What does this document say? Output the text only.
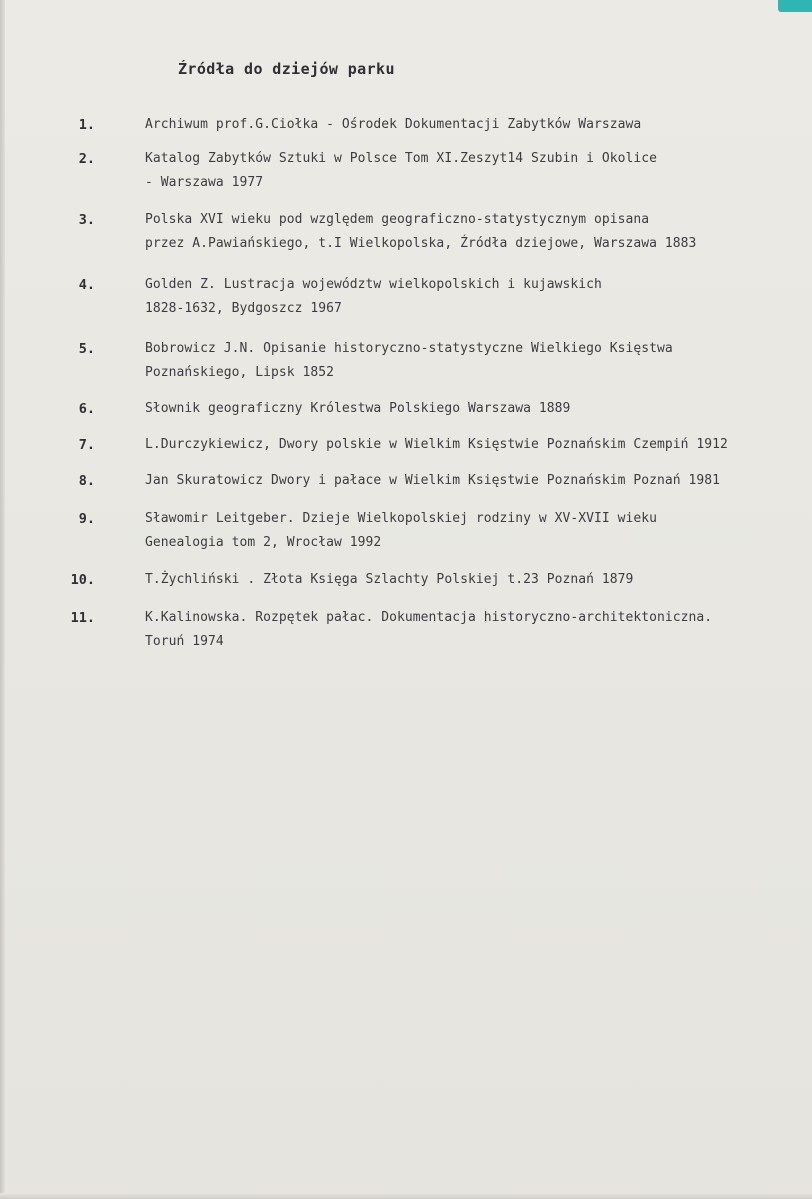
Źródła do dziejów parku
1.	Archiwum prof.G.Ciołka - Ośrodek Dokumentacji Zabytków Warszawa
2.	Katalog Zabytków Sztuki w Polsce Tom XI.Zeszyt14 Szubin i Okolice
- Warszawa 1977
3.	Polska XVI wieku pod względem geograficzno-statystycznym opisana
przez A.Pawiańskiego, t.I Wielkopolska, Źródła dziejowe, Warszawa 1883
4.	Golden Z. Lustracja województw wielkopolskich i kujawskich
1828-1632, Bydgoszcz 1967
5.	Bobrowicz J.N. Opisanie historyczno-statystyczne Wielkiego Księstwa
Poznańskiego, Lipsk 1852
6.	Słownik geograficzny Królestwa Polskiego Warszawa 1889
7.	L.Durczykiewicz, Dwory polskie w Wielkim Księstwie Poznańskim Czempiń 1912
8.	Jan Skuratowicz Dwory i pałace w Wielkim Księstwie Poznańskim Poznań 1981
9.	Sławomir Leitgeber. Dzieje Wielkopolskiej rodziny w XV-XVII wieku
Genealogia tom 2, Wrocław 1992
10.	T.Żychliński . Złota Księga Szlachty Polskiej t.23 Poznań 1879
11.	K.Kalinowska. Rozpętek pałac. Dokumentacja historyczno-architektoniczna.
Toruń 1974
